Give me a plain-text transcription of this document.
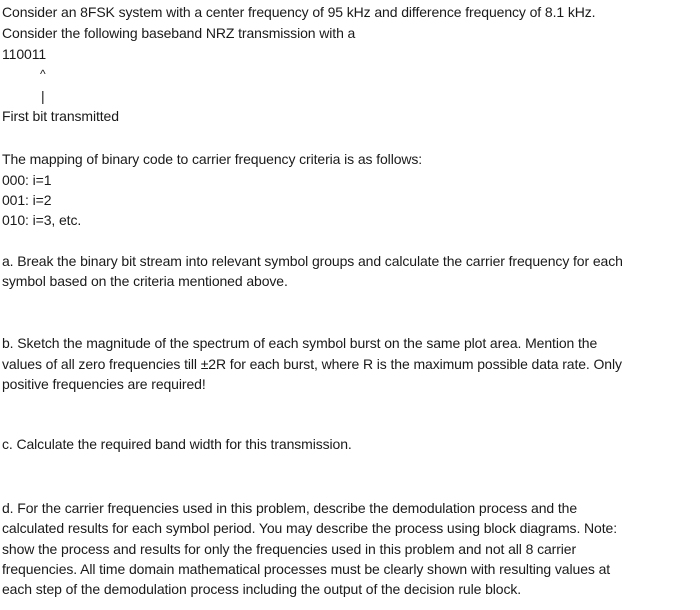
Consider an 8FSK system with a center frequency of 95 kHz and difference frequency of 8.1 kHz.
Consider the following baseband NRZ transmission with a
110011
^
|
First bit transmitted
The mapping of binary code to carrier frequency criteria is as follows:
000: i=1
001: i=2
010: i=3, etc.
a. Break the binary bit stream into relevant symbol groups and calculate the carrier frequency for each
symbol based on the criteria mentioned above.
b. Sketch the magnitude of the spectrum of each symbol burst on the same plot area. Mention the
values of all zero frequencies till ±2R for each burst, where R is the maximum possible data rate. Only
positive frequencies are required!
c. Calculate the required band width for this transmission.
d. For the carrier frequencies used in this problem, describe the demodulation process and the
calculated results for each symbol period. You may describe the process using block diagrams. Note:
show the process and results for only the frequencies used in this problem and not all 8 carrier
frequencies. All time domain mathematical processes must be clearly shown with resulting values at
each step of the demodulation process including the output of the decision rule block.
